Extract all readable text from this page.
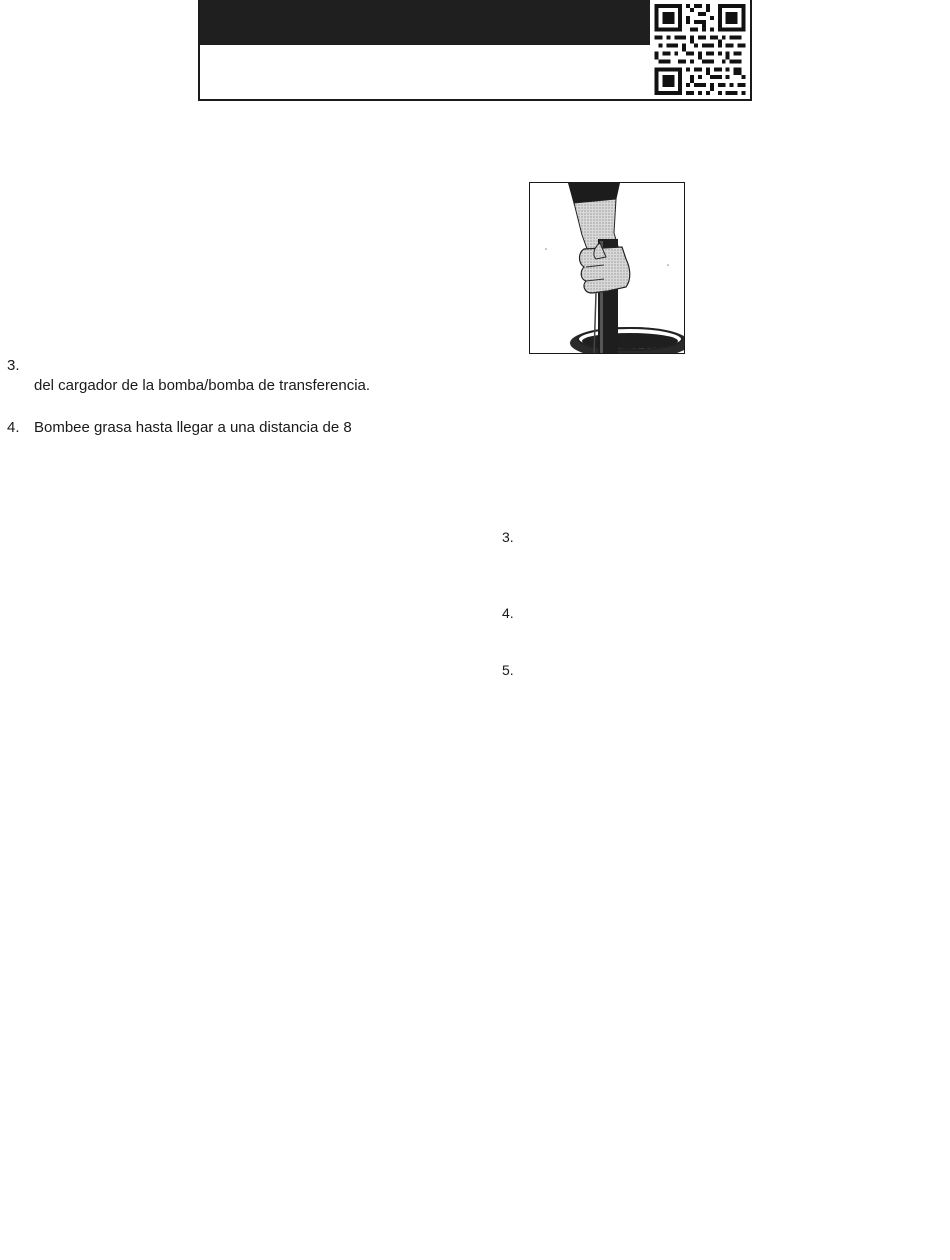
3.
del cargador de la bomba/bomba de transferencia.
4. Bombee grasa hasta llegar a una distancia de 8
3.
4.
5.
